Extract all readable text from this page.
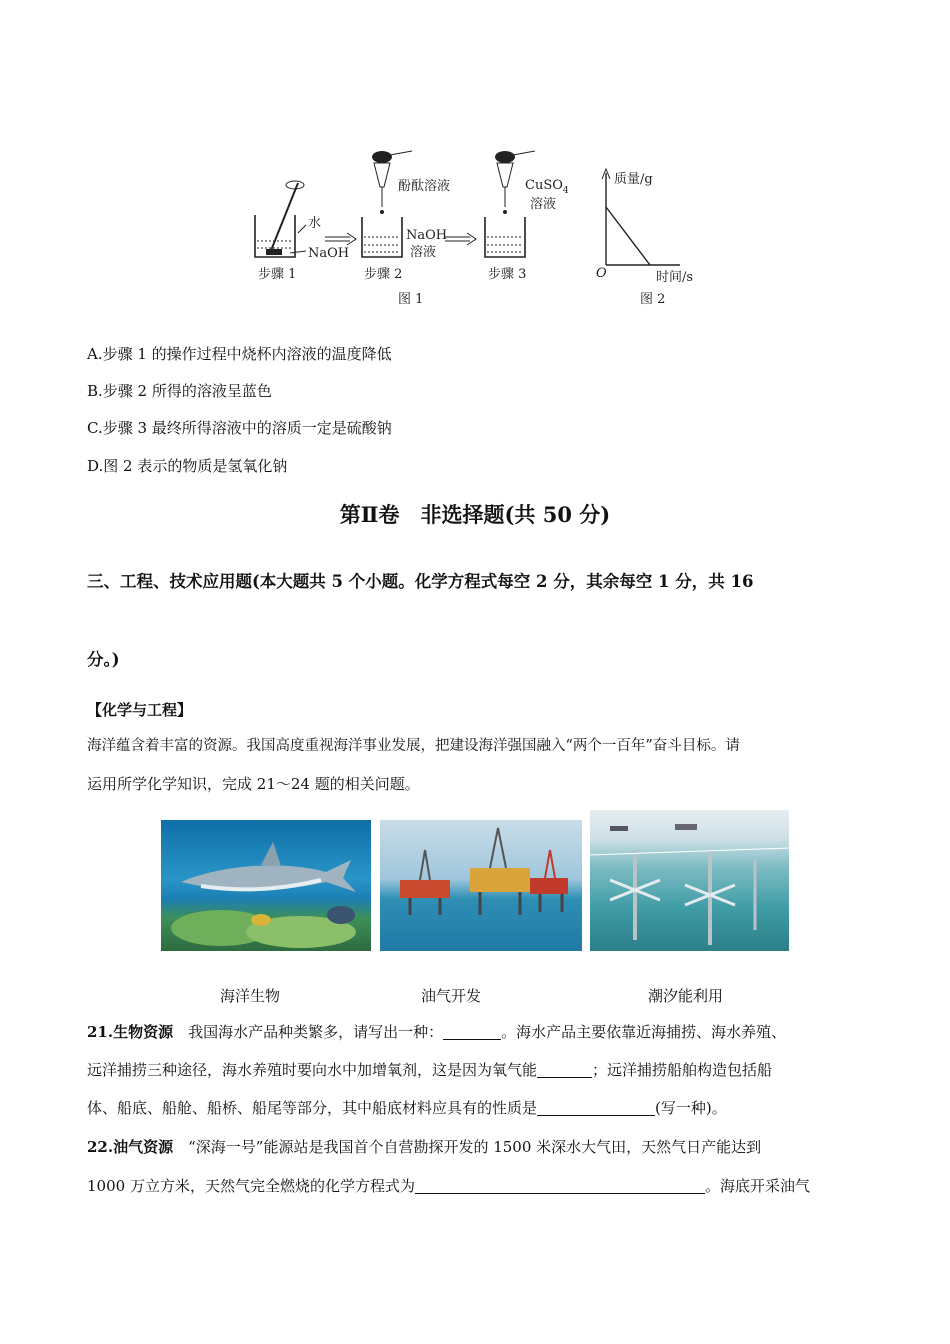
水
NaOH
步骤 1
酚酞溶液
NaOH
溶液
步骤 2
CuSO$_4$
溶液
步骤 3
图 1
质量/g
O	时间/s
图 2
A.步骤 1 的操作过程中烧杯内溶液的温度降低
B.步骤 2 所得的溶液呈蓝色
C.步骤 3 最终所得溶液中的溶质一定是硫酸钠
D.图 2 表示的物质是氢氧化钠
第Ⅱ卷　非选择题(共 50 分)
三、工程、技术应用题(本大题共 5 个小题。化学方程式每空 2 分，其余每空 1 分，共 16
分。)
【化学与工程】
海洋蕴含着丰富的资源。我国高度重视海洋事业发展，把建设海洋强国融入“两个一百年”奋斗目标。请
运用所学化学知识，完成 21～24 题的相关问题。
海洋生物	油气开发	潮汐能利用
21.生物资源　我国海水产品种类繁多，请写出一种：	。海水产品主要依靠近海捕捞、海水养殖、
远洋捕捞三种途径，海水养殖时要向水中加增氧剂，这是因为氧气能	；远洋捕捞船舶构造包括船
体、船底、船舱、船桥、船尾等部分，其中船底材料应具有的性质是	(写一种)。
22.油气资源　“深海一号”能源站是我国首个自营勘探开发的 1500 米深水大气田，天然气日产能达到
1000 万立方米，天然气完全燃烧的化学方程式为	。海底开采油气
